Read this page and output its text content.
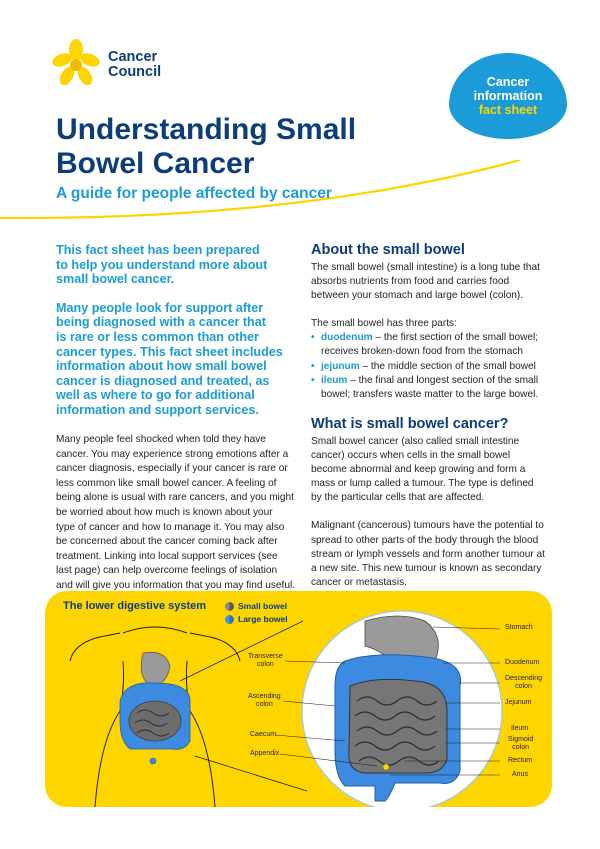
Cancer
Council
Cancer
information
fact sheet
Understanding Small
Bowel Cancer
A guide for people affected by cancer

This fact sheet has been prepared
to help you understand more about
small bowel cancer.

Many people look for support after
being diagnosed with a cancer that
is rare or less common than other
cancer types. This fact sheet includes
information about how small bowel
cancer is diagnosed and treated, as
well as where to go for additional
information and support services.

Many people feel shocked when told they have
cancer. You may experience strong emotions after a
cancer diagnosis, especially if your cancer is rare or
less common like small bowel cancer. A feeling of
being alone is usual with rare cancers, and you might
be worried about how much is known about your
type of cancer and how to manage it. You may also
be concerned about the cancer coming back after
treatment. Linking into local support services (see
last page) can help overcome feelings of isolation
and will give you information that you may find useful.
About the small bowel

The small bowel (small intestine) is a long tube that
absorbs nutrients from food and carries food
between your stomach and large bowel (colon).

The small bowel has three parts:
• duodenum – the first section of the small bowel;
receives broken-down food from the stomach
• jejunum – the middle section of the small bowel
• ileum – the final and longest section of the small
bowel; transfers waste matter to the large bowel.
What is small bowel cancer?

Small bowel cancer (also called small intestine
cancer) occurs when cells in the small bowel
become abnormal and keep growing and form a
mass or lump called a tumour. The type is defined
by the particular cells that are affected.

Malignant (cancerous) tumours have the potential to
spread to other parts of the body through the blood
stream or lymph vessels and form another tumour at
a new site. This new tumour is known as secondary
cancer or metastasis.

The lower digestive system	Small bowel
Large bowel
Transverse
colon
Ascending
colon
Caecum
Appendix
Stomach
Duodenum
Descending
colon
Jejunum
Ileum
Sigmoid
colon
Rectum
Anus
